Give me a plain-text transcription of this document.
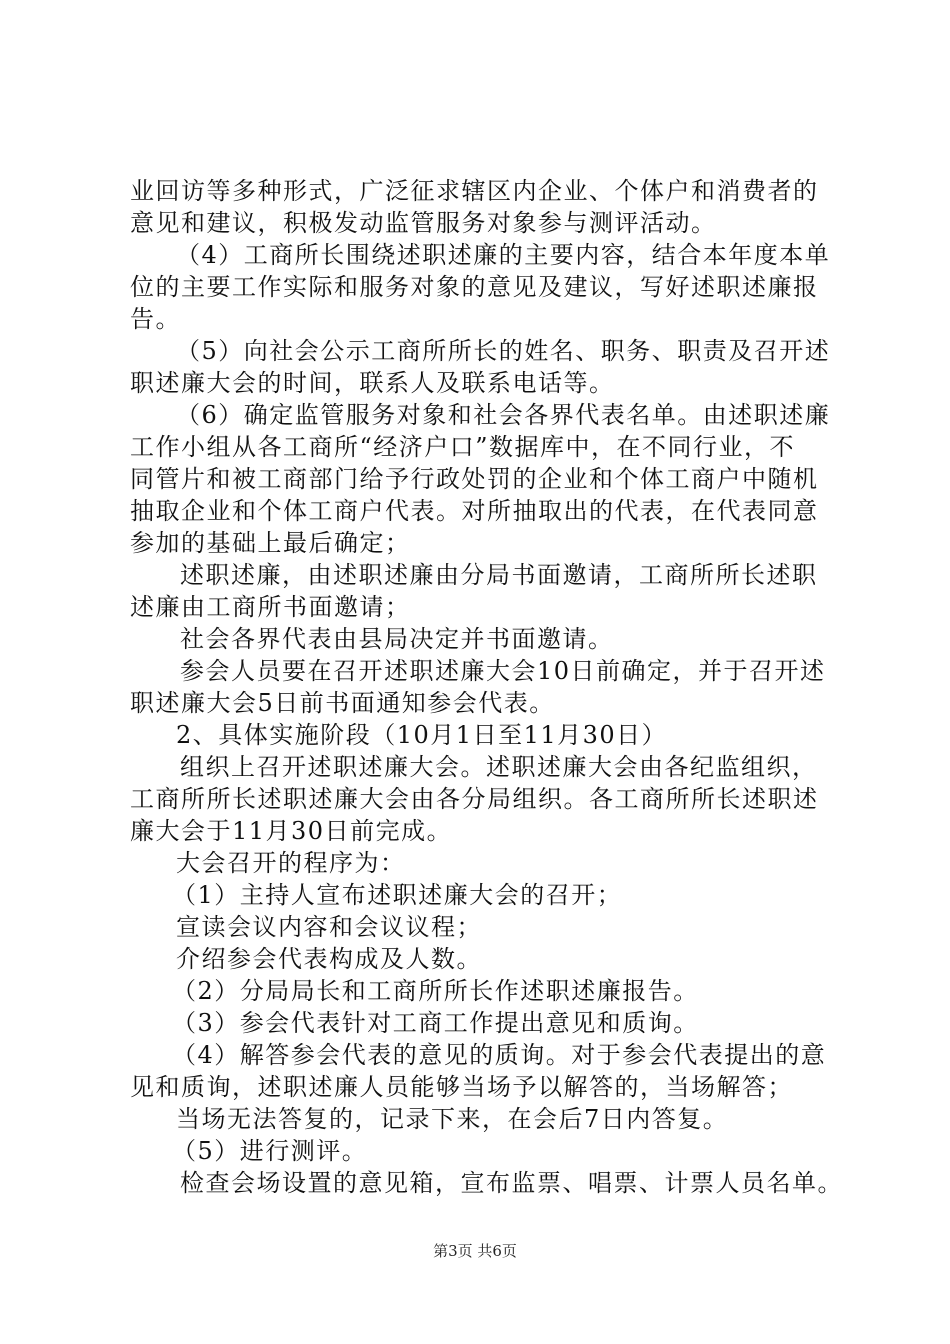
业回访等多种形式，广泛征求辖区内企业、个体户和消费者的
意见和建议，积极发动监管服务对象参与测评活动。
（4）工商所长围绕述职述廉的主要内容，结合本年度本单
位的主要工作实际和服务对象的意见及建议，写好述职述廉报
告。
（5）向社会公示工商所所长的姓名、职务、职责及召开述
职述廉大会的时间，联系人及联系电话等。
（6）确定监管服务对象和社会各界代表名单。由述职述廉
工作小组从各工商所“经济户口”数据库中，在不同行业，不
同管片和被工商部门给予行政处罚的企业和个体工商户中随机
抽取企业和个体工商户代表。对所抽取出的代表，在代表同意
参加的基础上最后确定；
述职述廉，由述职述廉由分局书面邀请，工商所所长述职
述廉由工商所书面邀请；
社会各界代表由县局决定并书面邀请。
参会人员要在召开述职述廉大会10日前确定，并于召开述
职述廉大会5日前书面通知参会代表。
2、具体实施阶段（10月1日至11月30日）
组织上召开述职述廉大会。述职述廉大会由各纪监组织，
工商所所长述职述廉大会由各分局组织。各工商所所长述职述
廉大会于11月30日前完成。
大会召开的程序为：
（1）主持人宣布述职述廉大会的召开；
宣读会议内容和会议议程；
介绍参会代表构成及人数。
（2）分局局长和工商所所长作述职述廉报告。
（3）参会代表针对工商工作提出意见和质询。
（4）解答参会代表的意见的质询。对于参会代表提出的意
见和质询，述职述廉人员能够当场予以解答的，当场解答；
当场无法答复的，记录下来，在会后7日内答复。
（5）进行测评。
检查会场设置的意见箱，宣布监票、唱票、计票人员名单。
第3页 共6页
